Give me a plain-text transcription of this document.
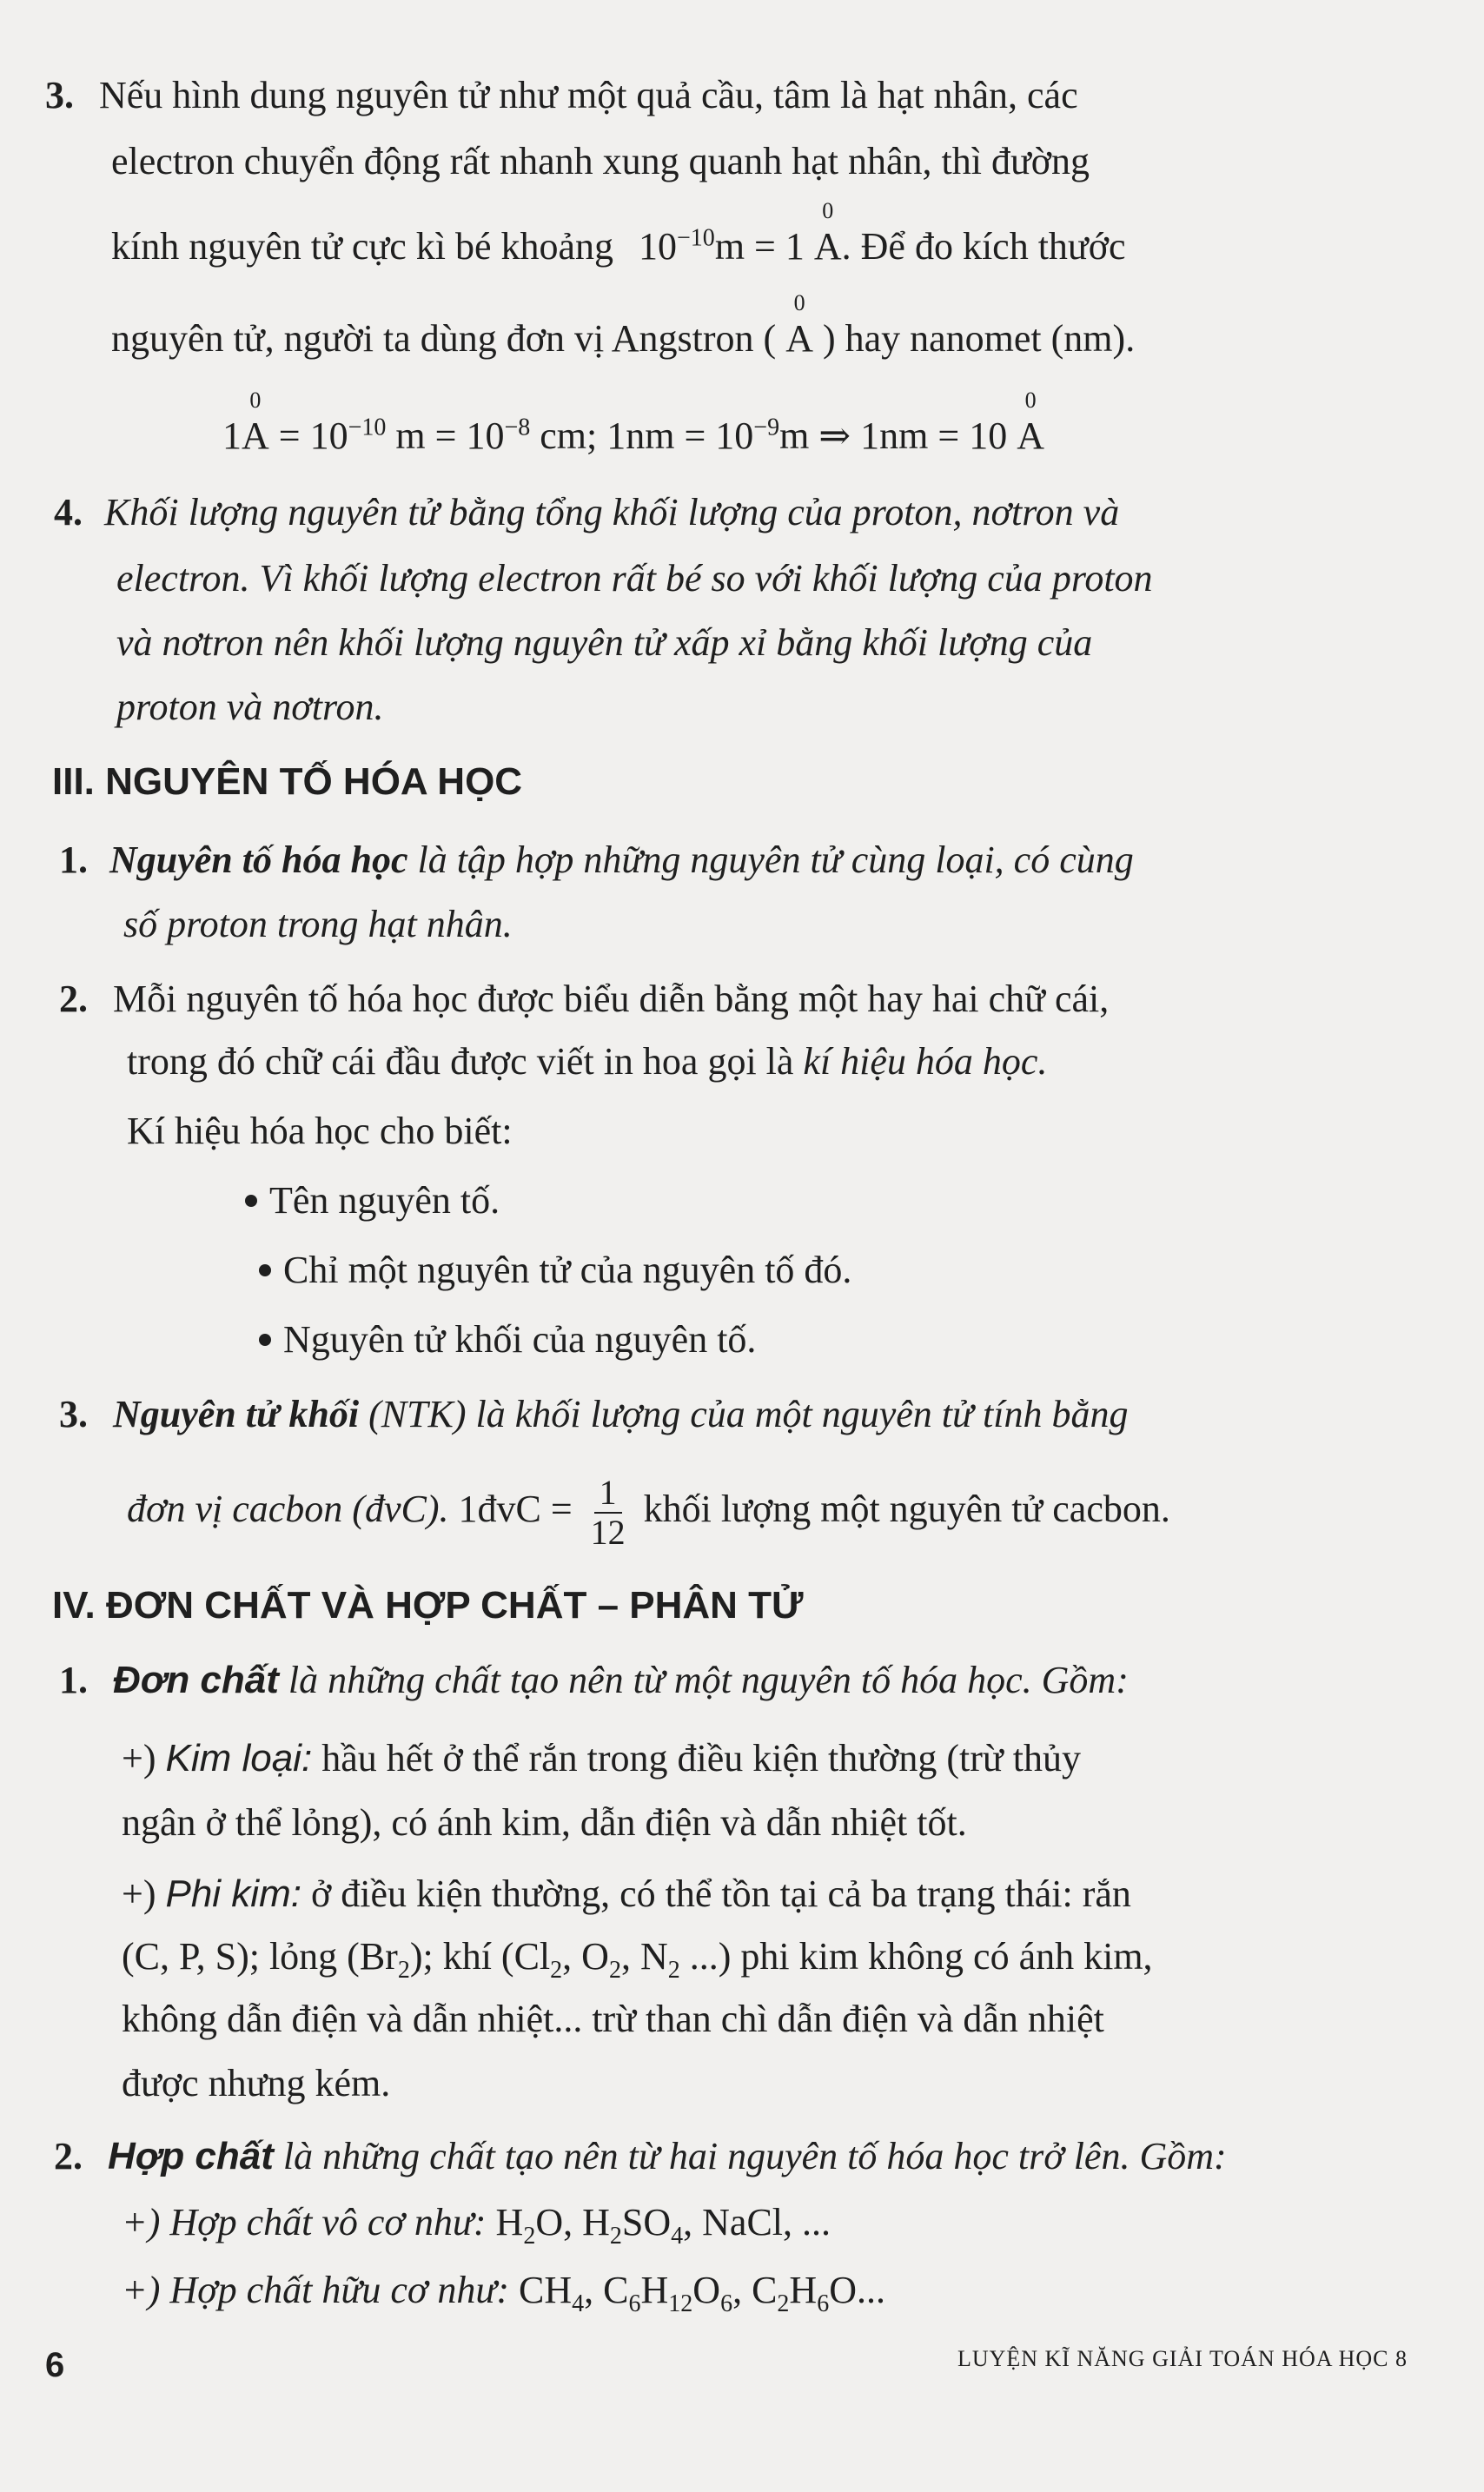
3. Nếu hình dung nguyên tử như một quả cầu, tâm là hạt nhân, các
electron chuyển động rất nhanh xung quanh hạt nhân, thì đường
kính nguyên tử cực kì bé khoảng $10^{-10}m = 1$
0
A. Để đo kích thước
nguyên tử, người ta dùng đơn vị Angstron (
0
A ) hay nanomet (nm).
1
0
$A = 10^{-10}$ $m = 10^{-8}$ cm; $1nm = 10^{-9}m$ ⇒ 1nm = 10
0
A
4. Khối lượng nguyên tử bằng tổng khối lượng của proton, nơtron và
electron. Vì khối lượng electron rất bé so với khối lượng của proton
và nơtron nên khối lượng nguyên tử xấp xỉ bằng khối lượng của
proton và nơtron.
III. NGUYÊN TỐ HÓA HỌC
1. Nguyên tố hóa học là tập hợp những nguyên tử cùng loại, có cùng
số proton trong hạt nhân.
2. Mỗi nguyên tố hóa học được biểu diễn bằng một hay hai chữ cái,
trong đó chữ cái đầu được viết in hoa gọi là kí hiệu hóa học.
Kí hiệu hóa học cho biết:
Tên nguyên tố.
Chỉ một nguyên tử của nguyên tố đó.
Nguyên tử khối của nguyên tố.
3. Nguyên tử khối (NTK) là khối lượng của một nguyên tử tính bằng
đơn vị cacbon (đvC). 1đvC = $\frac{1}{12}$ khối lượng một nguyên tử cacbon.
IV. ĐƠN CHẤT VÀ HỢP CHẤT – PHÂN TỬ
1. Đơn chất là những chất tạo nên từ một nguyên tố hóa học. Gồm:
+) Kim loại: hầu hết ở thể rắn trong điều kiện thường (trừ thủy
ngân ở thể lỏng), có ánh kim, dẫn điện và dẫn nhiệt tốt.
+) Phi kim: ở điều kiện thường, có thể tồn tại cả ba trạng thái: rắn
(C, P, S); lỏng $(Br_2)$; khí ($Cl_2$, $O_2$, $N_2$ ...) phi kim không có ánh kim,
không dẫn điện và dẫn nhiệt... trừ than chì dẫn điện và dẫn nhiệt
được nhưng kém.
2. Hợp chất là những chất tạo nên từ hai nguyên tố hóa học trở lên. Gồm:
+) Hợp chất vô cơ như: $H_2O$, $H_2SO_4$, NaCl, ...
+) Hợp chất hữu cơ như: $CH_4$, $C_6H_{12}O_6$, $C_2H_6O$...
6	LUYỆN KĨ NĂNG GIẢI TOÁN HÓA HỌC 8
